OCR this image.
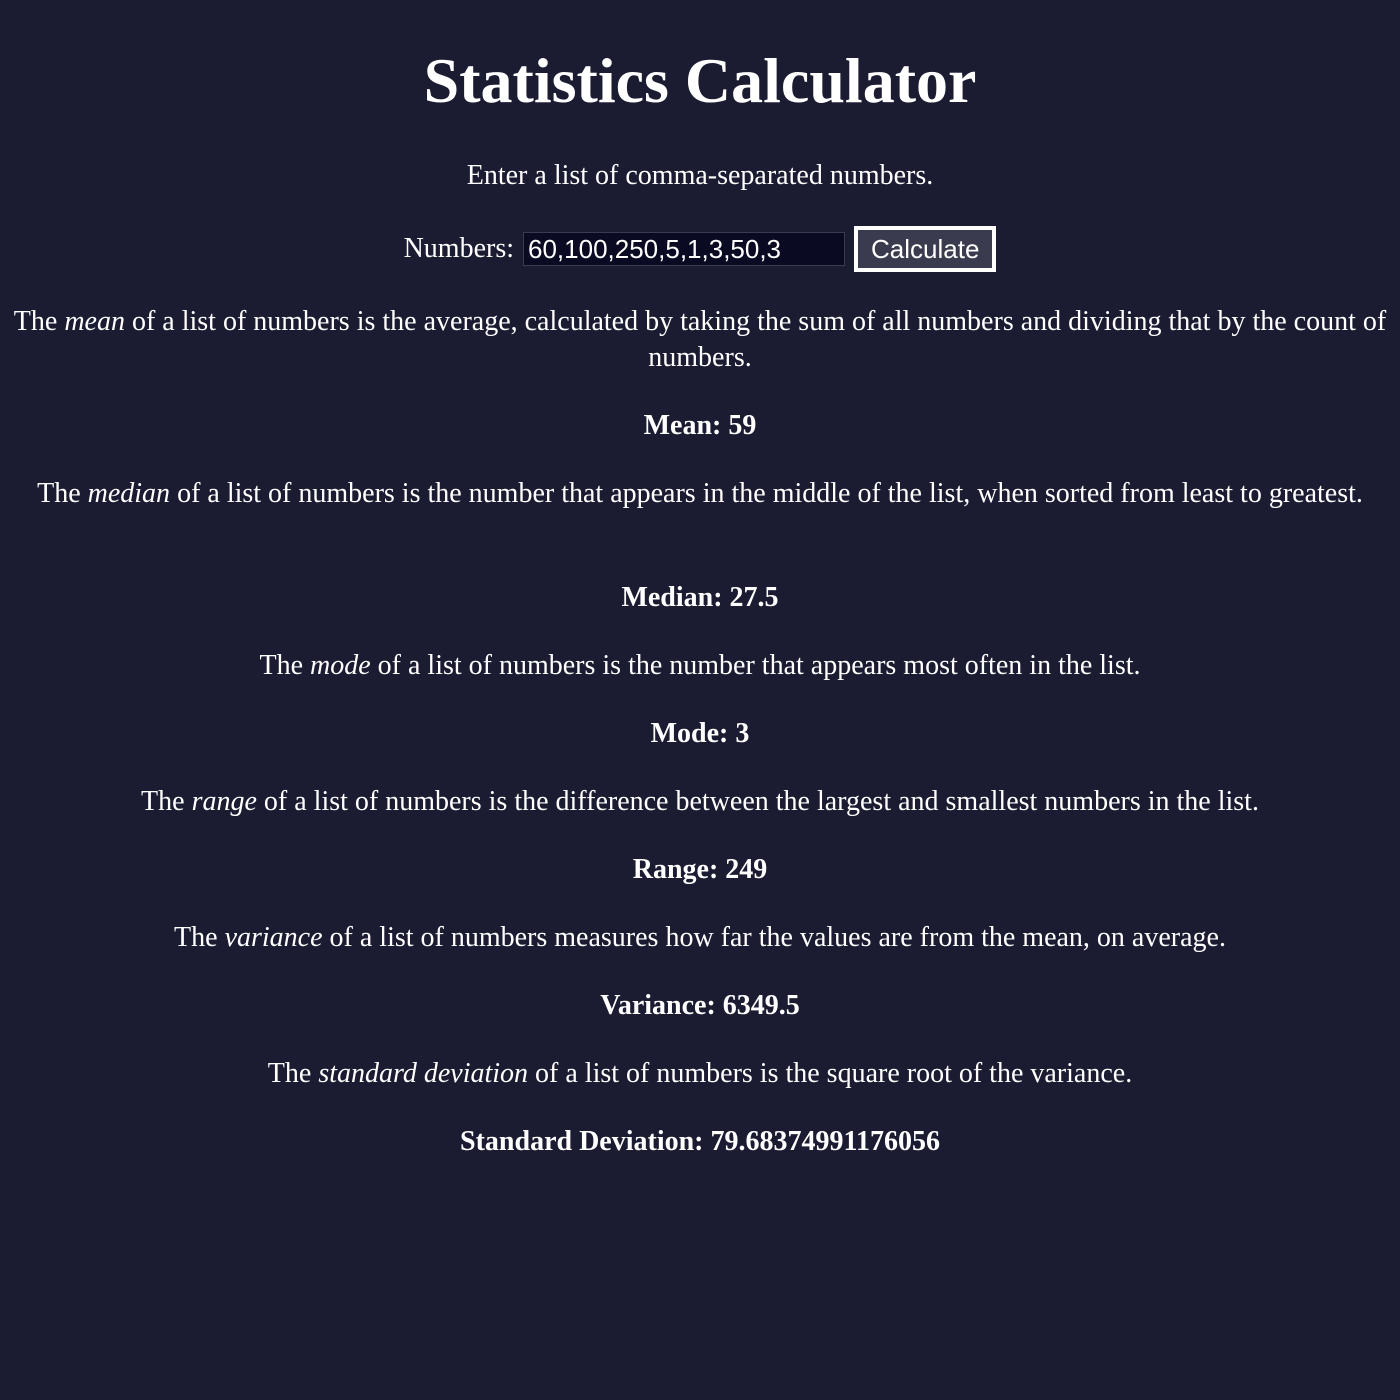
Statistics Calculator

Enter a list of comma-separated numbers.

Numbers:
60,100,250,5,1,3,50,3	Calculate

The mean of a list of numbers is the average, calculated by taking the sum of all numbers and dividing that by the count of numbers.

Mean: 59

The median of a list of numbers is the number that appears in the middle of the list, when sorted from least to greatest.

Median: 27.5

The mode of a list of numbers is the number that appears most often in the list.

Mode: 3

The range of a list of numbers is the difference between the largest and smallest numbers in the list.

Range: 249

The variance of a list of numbers measures how far the values are from the mean, on average.

Variance: 6349.5

The standard deviation of a list of numbers is the square root of the variance.

Standard Deviation: 79.68374991176056
